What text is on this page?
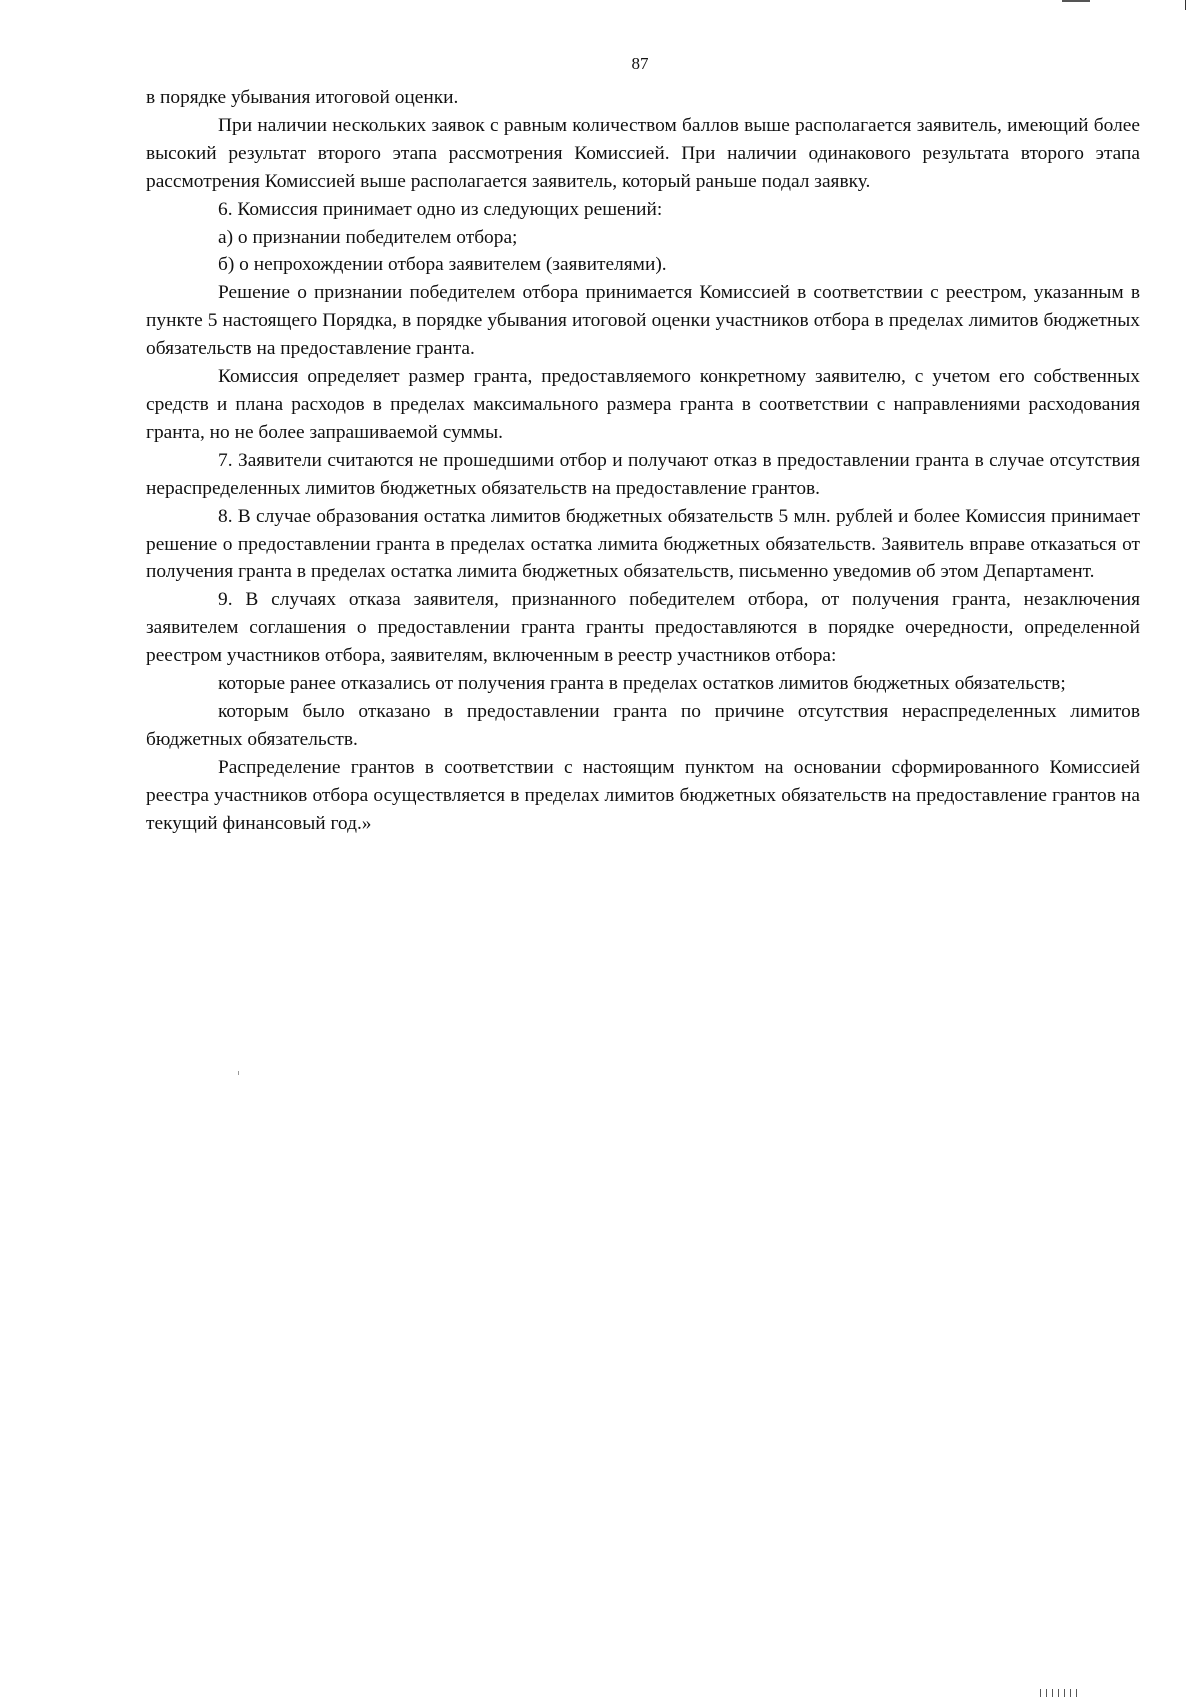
87

в порядке убывания итоговой оценки.

При наличии нескольких заявок с равным количеством баллов выше располагается заявитель, имеющий более высокий результат второго этапа рассмотрения Комиссией. При наличии одинакового результата второго этапа рассмотрения Комиссией выше располагается заявитель, который раньше подал заявку.

6. Комиссия принимает одно из следующих решений:

а) о признании победителем отбора;

б) о непрохождении отбора заявителем (заявителями).

Решение о признании победителем отбора принимается Комиссией в соответствии с реестром, указанным в пункте 5 настоящего Порядка, в порядке убывания итоговой оценки участников отбора в пределах лимитов бюджетных обязательств на предоставление гранта.

Комиссия определяет размер гранта, предоставляемого конкретному заявителю, с учетом его собственных средств и плана расходов в пределах максимального размера гранта в соответствии с направлениями расходования гранта, но не более запрашиваемой суммы.

7. Заявители считаются не прошедшими отбор и получают отказ в предоставлении гранта в случае отсутствия нераспределенных лимитов бюджетных обязательств на предоставление грантов.

8. В случае образования остатка лимитов бюджетных обязательств 5 млн. рублей и более Комиссия принимает решение о предоставлении гранта в пределах остатка лимита бюджетных обязательств. Заявитель вправе отказаться от получения гранта в пределах остатка лимита бюджетных обязательств, письменно уведомив об этом Департамент.

9. В случаях отказа заявителя, признанного победителем отбора, от получения гранта, незаключения заявителем соглашения о предоставлении гранта гранты предоставляются в порядке очередности, определенной реестром участников отбора, заявителям, включенным в реестр участников отбора:

которые ранее отказались от получения гранта в пределах остатков лимитов бюджетных обязательств;

которым было отказано в предоставлении гранта по причине отсутствия нераспределенных лимитов бюджетных обязательств.

Распределение грантов в соответствии с настоящим пунктом на основании сформированного Комиссией реестра участников отбора осуществляется в пределах лимитов бюджетных обязательств на предоставление грантов на текущий финансовый год.»
